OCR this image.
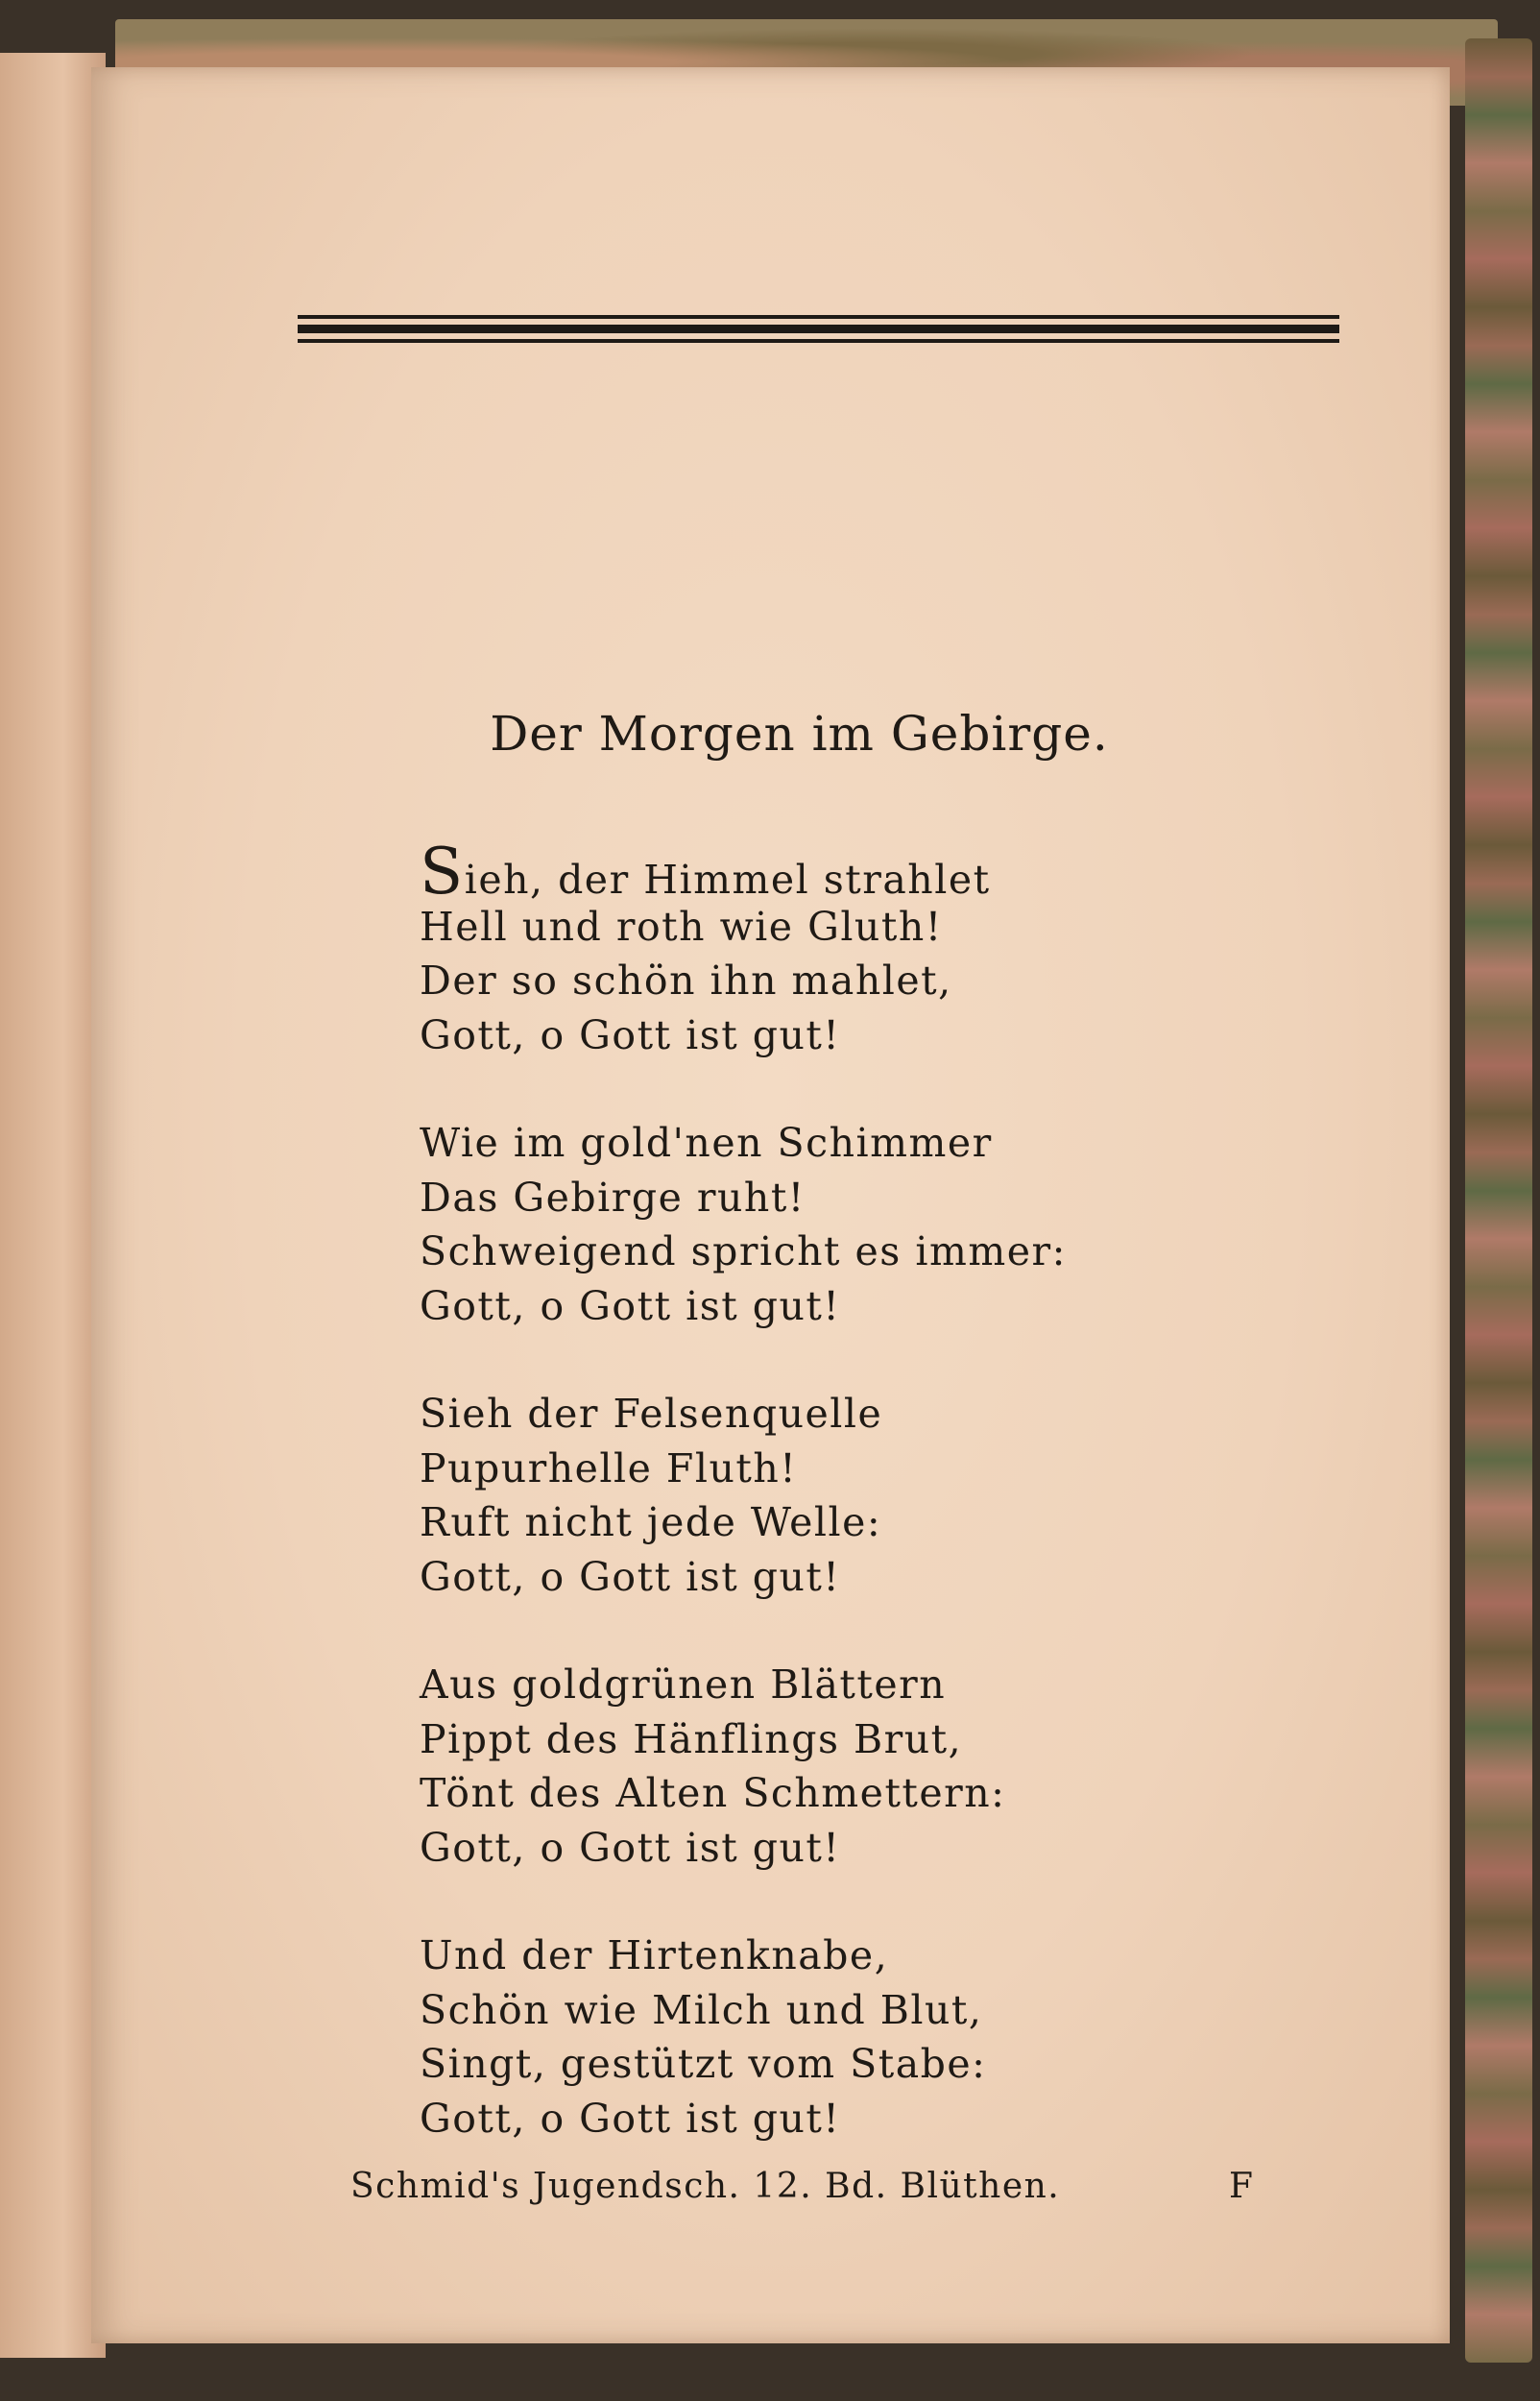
Der Morgen im Gebirge.
Sieh, der Himmel strahlet
Hell und roth wie Gluth!
Der so schön ihn mahlet,
Gott, o Gott ist gut!
Wie im gold'nen Schimmer
Das Gebirge ruht!
Schweigend spricht es immer:
Gott, o Gott ist gut!
Sieh der Felsenquelle
Pupurhelle Fluth!
Ruft nicht jede Welle:
Gott, o Gott ist gut!
Aus goldgrünen Blättern
Pippt des Hänflings Brut,
Tönt des Alten Schmettern:
Gott, o Gott ist gut!
Und der Hirtenknabe,
Schön wie Milch und Blut,
Singt, gestützt vom Stabe:
Gott, o Gott ist gut!
Schmid's Jugendsch. 12. Bd. Blüthen.	F
